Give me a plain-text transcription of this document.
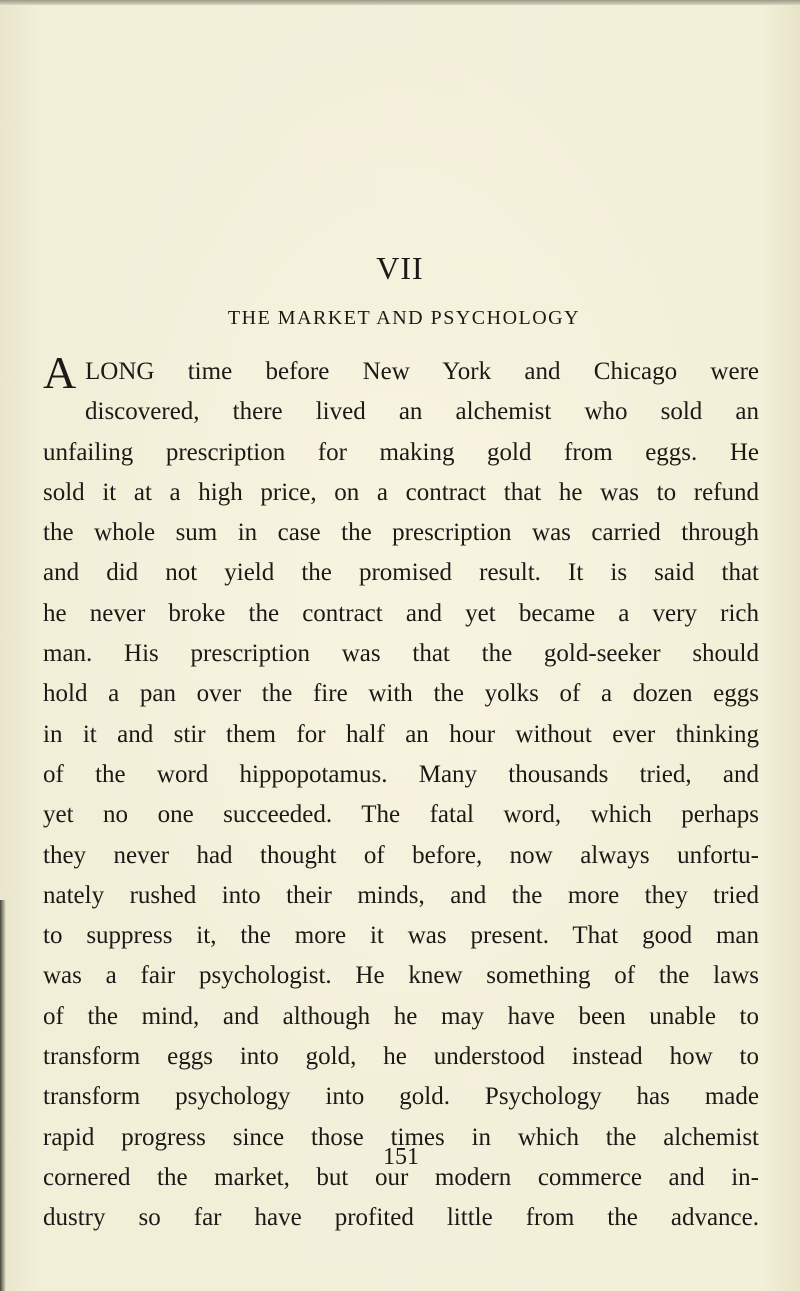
VII
THE MARKET AND PSYCHOLOGY
A LONG time before New York and Chicago were
discovered, there lived an alchemist who sold an
unfailing prescription for making gold from eggs. He
sold it at a high price, on a contract that he was to refund
the whole sum in case the prescription was carried through
and did not yield the promised result. It is said that
he never broke the contract and yet became a very rich
man. His prescription was that the gold-seeker should
hold a pan over the fire with the yolks of a dozen eggs
in it and stir them for half an hour without ever thinking
of the word hippopotamus. Many thousands tried, and
yet no one succeeded. The fatal word, which perhaps
they never had thought of before, now always unfortu-
nately rushed into their minds, and the more they tried
to suppress it, the more it was present. That good man
was a fair psychologist. He knew something of the laws
of the mind, and although he may have been unable to
transform eggs into gold, he understood instead how to
transform psychology into gold. Psychology has made
rapid progress since those times in which the alchemist
cornered the market, but our modern commerce and in-
dustry so far have profited little from the advance.
151
